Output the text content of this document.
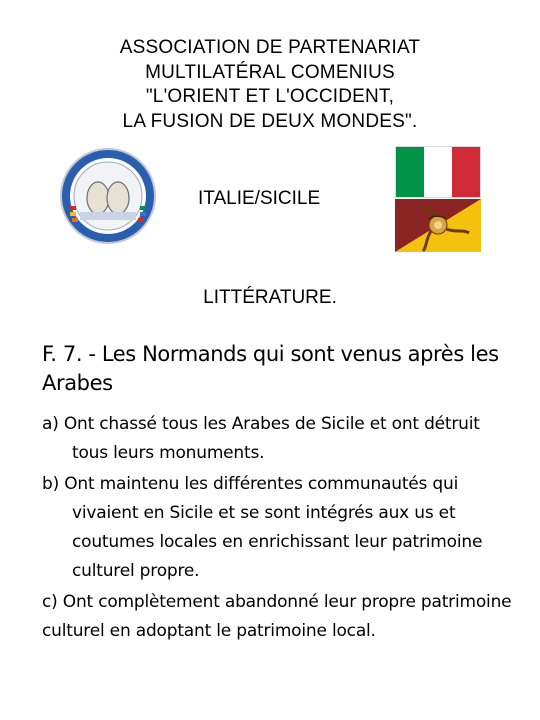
ASSOCIATION DE PARTENARIAT
MULTILATÉRAL COMENIUS
"L'ORIENT ET L'OCCIDENT,
LA FUSION DE DEUX MONDES".
ITALIE/SICILE
LITTÉRATURE.
F. 7. - Les Normands qui sont venus après les Arabes
a) Ont chassé tous les Arabes de Sicile et ont détruit tous leurs monuments.
b) Ont maintenu les différentes communautés qui vivaient en Sicile et se sont intégrés aux us et coutumes locales en enrichissant leur patrimoine culturel propre.
c) Ont complètement abandonné leur propre patrimoine culturel en adoptant le patrimoine local.
